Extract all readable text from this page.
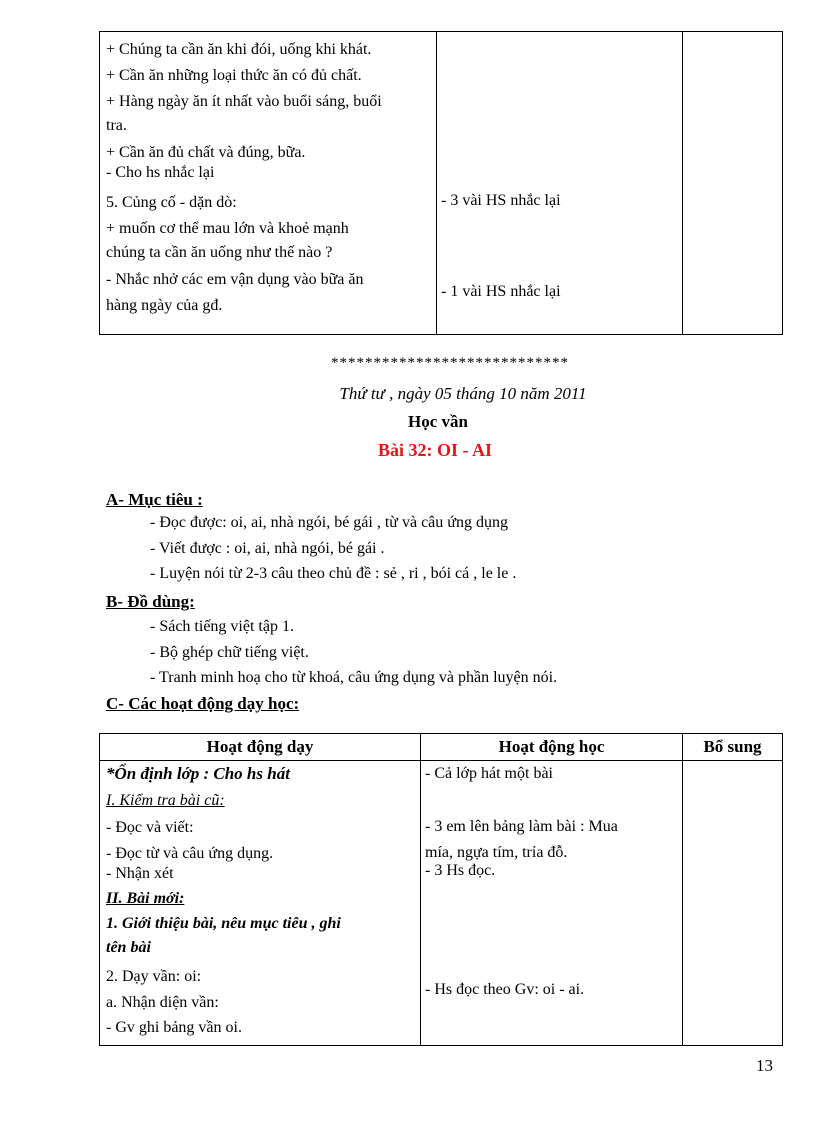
+ Chúng ta cần ăn khi đói, uống khi khát.
+ Cần ăn những loại thức ăn có đủ chất.
+ Hàng ngày ăn ít nhất vào buổi sáng, buổi
tra.
+ Cần ăn đủ chất và đúng, bữa.
- Cho hs nhắc lại
5. Củng cố - dặn dò:
+ muốn cơ thể mau lớn và khoẻ mạnh
chúng ta cần ăn uống như thế nào ?
- Nhắc nhở các em vận dụng vào bữa ăn
hàng ngày của gđ.
- 3 vài HS nhắc lại
- 1 vài HS nhắc lại
****************************
Thứ tư , ngày 05 tháng 10 năm 2011
Học vần
Bài 32: OI - AI
A- Mục tiêu :
- Đọc được: oi, ai, nhà ngói, bé gái , từ và câu ứng dụng
- Viết được : oi, ai, nhà ngói, bé gái .
- Luyện nói từ 2-3 câu theo chủ đề : sẻ , ri , bói cá , le le .
B- Đồ dùng:
- Sách tiếng việt tập 1.
- Bộ ghép chữ tiếng việt.
- Tranh minh hoạ cho từ khoá, câu ứng dụng và phần luyện nói.
C- Các hoạt động dạy học:
Hoạt động dạy	Hoạt động học	Bổ sung
*Ổn định lớp : Cho hs hát
I. Kiểm tra bài cũ:
- Đọc và viết:
- Đọc từ và câu ứng dụng.
- Nhận xét
II. Bài mới:
1. Giới thiệu bài, nêu mục tiêu , ghi
tên bài
2. Dạy vần: oi:
a. Nhận diện vần:
- Gv ghi bảng vần oi.
- Cả lớp hát một bài
- 3 em lên bảng làm bài : Mua
mía, ngựa tím, trỉa đỗ.
- 3 Hs đọc.
- Hs đọc theo Gv: oi - ai.
13
